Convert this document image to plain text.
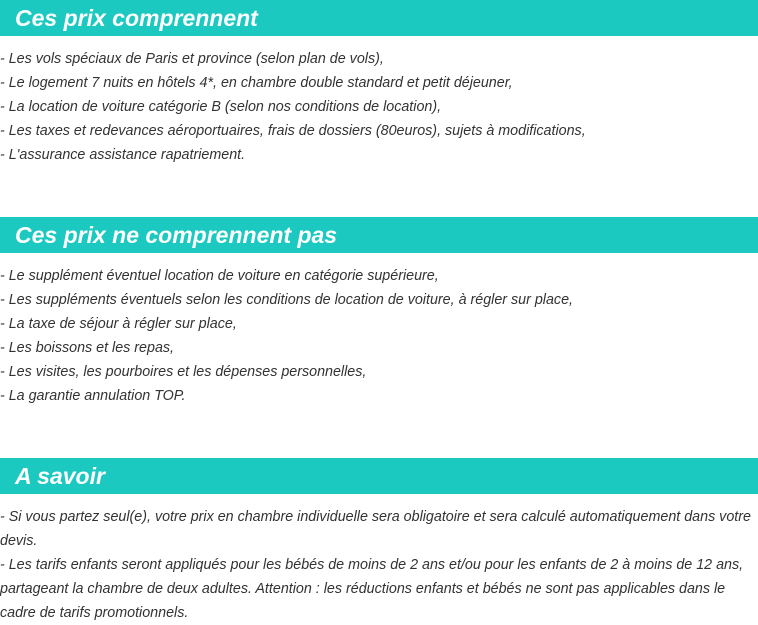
Ces prix comprennent
- Les vols spéciaux de Paris et province (selon plan de vols),
- Le logement 7 nuits en hôtels 4*, en chambre double standard et petit déjeuner,
- La location de voiture catégorie B (selon nos conditions de location),
- Les taxes et redevances aéroportuaires, frais de dossiers (80euros), sujets à modifications,
- L'assurance assistance rapatriement.
Ces prix ne comprennent pas
- Le supplément éventuel location de voiture en catégorie supérieure,
- Les suppléments éventuels selon les conditions de location de voiture, à régler sur place,
- La taxe de séjour à régler sur place,
- Les boissons et les repas,
- Les visites, les pourboires et les dépenses personnelles,
- La garantie annulation TOP.
A savoir
- Si vous partez seul(e), votre prix en chambre individuelle sera obligatoire et sera calculé automatiquement dans votre devis.
- Les tarifs enfants seront appliqués pour les bébés de moins de 2 ans et/ou pour les enfants de 2 à moins de 12 ans, partageant la chambre de deux adultes. Attention : les réductions enfants et bébés ne sont pas applicables dans le cadre de tarifs promotionnels.
